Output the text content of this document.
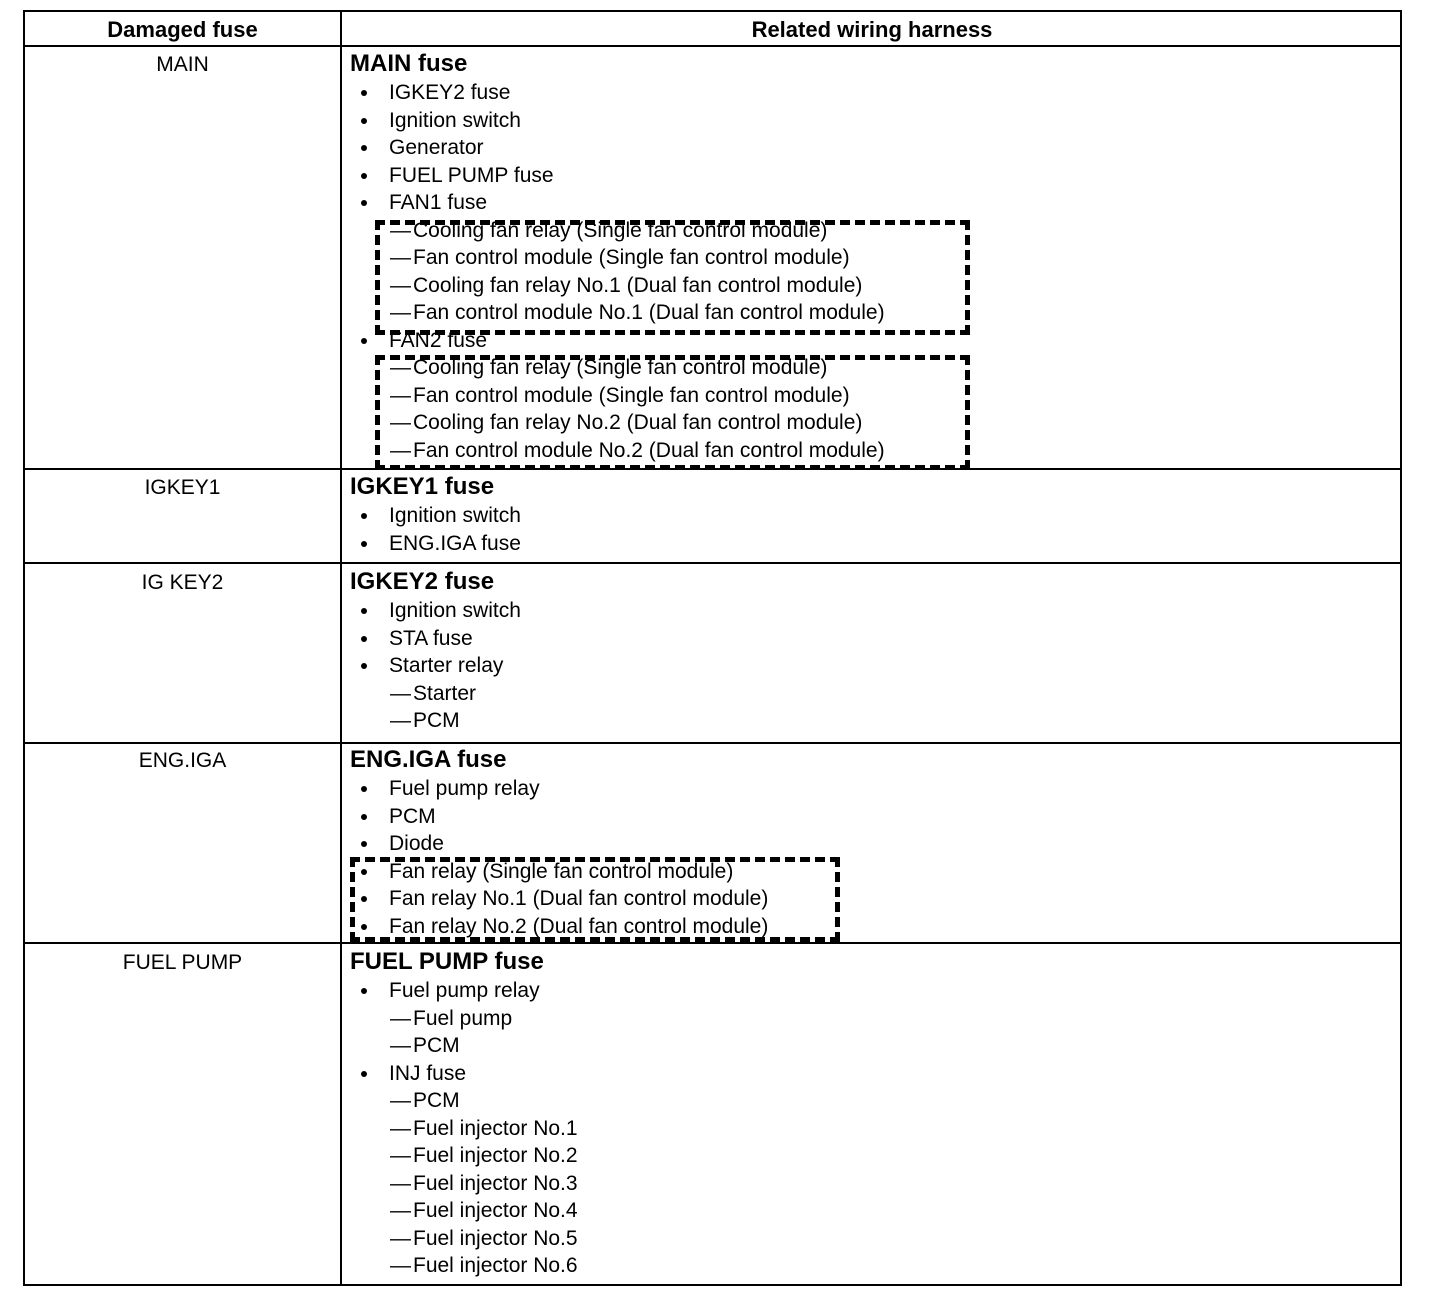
Damaged fuse	Related wiring harness
MAIN	MAIN fuse
IGKEY2 fuse
Ignition switch
Generator
FUEL PUMP fuse
FAN1 fuse
— Cooling fan relay (Single fan control module)
— Fan control module (Single fan control module)
— Cooling fan relay No.1 (Dual fan control module)
— Fan control module No.1 (Dual fan control module)
FAN2 fuse
— Cooling fan relay (Single fan control module)
— Fan control module (Single fan control module)
— Cooling fan relay No.2 (Dual fan control module)
— Fan control module No.2 (Dual fan control module)
IGKEY1	IGKEY1 fuse
Ignition switch
ENG.IGA fuse
IG KEY2	IGKEY2 fuse
Ignition switch
STA fuse
Starter relay
— Starter
— PCM
ENG.IGA	ENG.IGA fuse
Fuel pump relay
PCM
Diode
Fan relay (Single fan control module)
Fan relay No.1 (Dual fan control module)
Fan relay No.2 (Dual fan control module)
FUEL PUMP	FUEL PUMP fuse
Fuel pump relay
— Fuel pump
— PCM
INJ fuse
— PCM
— Fuel injector No.1
— Fuel injector No.2
— Fuel injector No.3
— Fuel injector No.4
— Fuel injector No.5
— Fuel injector No.6
